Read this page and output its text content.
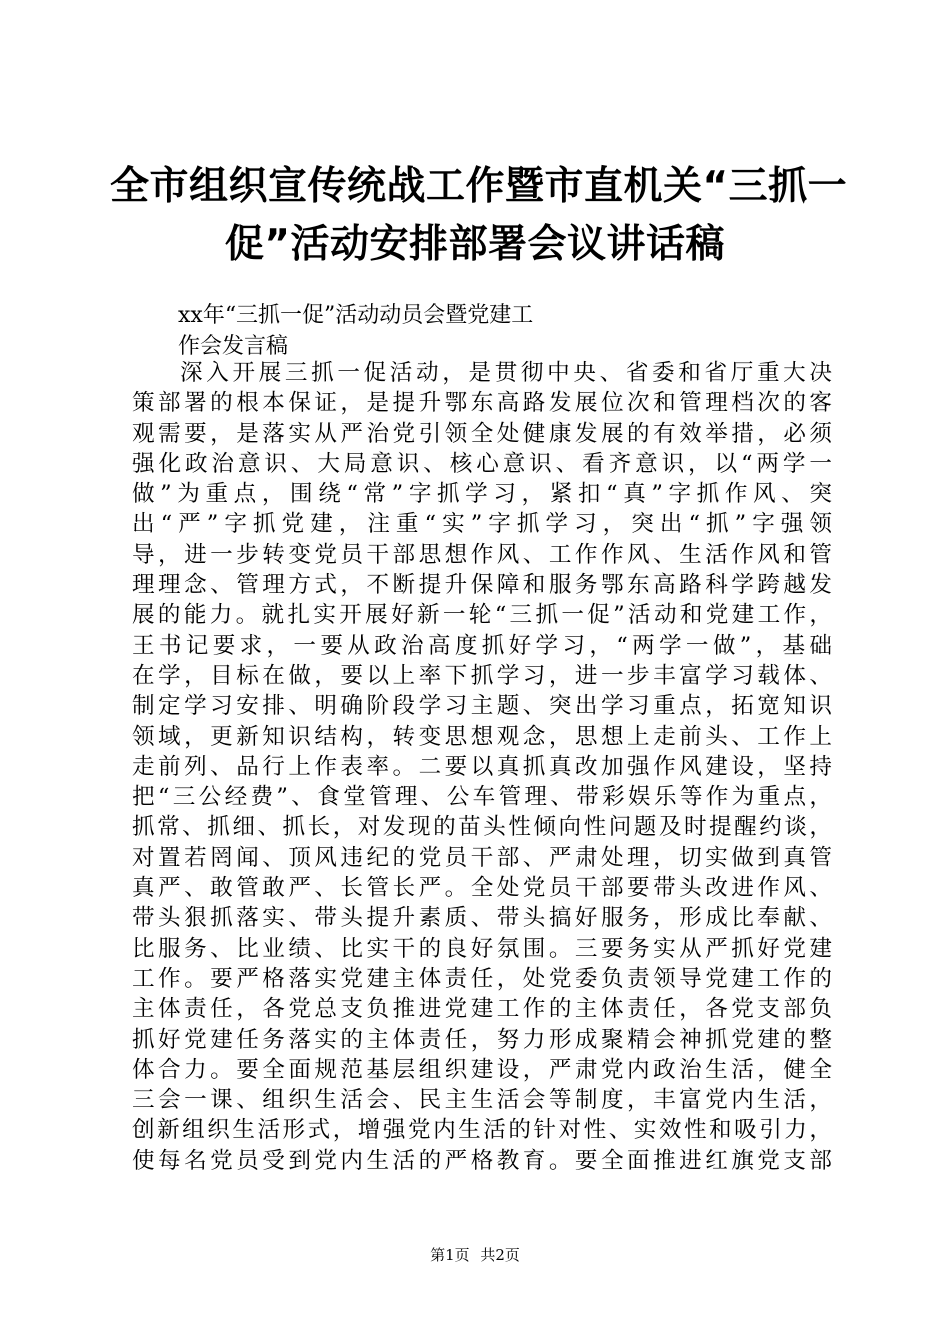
全市组织宣传统战工作暨市直机关“三抓一
促”活动安排部署会议讲话稿
xx年“三抓一促”活动动员会暨党建工
作会发言稿
深入开展三抓一促活动，是贯彻中央、省委和省厅重大决
策部署的根本保证，是提升鄂东高路发展位次和管理档次的客
观需要，是落实从严治党引领全处健康发展的有效举措，必须
强化政治意识、大局意识、核心意识、看齐意识，以“两学一
做”为重点，围绕“常”字抓学习，紧扣“真”字抓作风、突
出“严”字抓党建，注重“实”字抓学习，突出“抓”字强领
导，进一步转变党员干部思想作风、工作作风、生活作风和管
理理念、管理方式，不断提升保障和服务鄂东高路科学跨越发
展的能力。就扎实开展好新一轮“三抓一促”活动和党建工作，
王书记要求，一要从政治高度抓好学习，“两学一做”，基础
在学，目标在做，要以上率下抓学习，进一步丰富学习载体、
制定学习安排、明确阶段学习主题、突出学习重点，拓宽知识
领域，更新知识结构，转变思想观念，思想上走前头、工作上
走前列、品行上作表率。二要以真抓真改加强作风建设，坚持
把“三公经费”、食堂管理、公车管理、带彩娱乐等作为重点，
抓常、抓细、抓长，对发现的苗头性倾向性问题及时提醒约谈，
对置若罔闻、顶风违纪的党员干部、严肃处理，切实做到真管
真严、敢管敢严、长管长严。全处党员干部要带头改进作风、
带头狠抓落实、带头提升素质、带头搞好服务，形成比奉献、
比服务、比业绩、比实干的良好氛围。三要务实从严抓好党建
工作。要严格落实党建主体责任，处党委负责领导党建工作的
主体责任，各党总支负推进党建工作的主体责任，各党支部负
抓好党建任务落实的主体责任，努力形成聚精会神抓党建的整
体合力。要全面规范基层组织建设，严肃党内政治生活，健全
三会一课、组织生活会、民主生活会等制度，丰富党内生活，
创新组织生活形式，增强党内生活的针对性、实效性和吸引力，
使每名党员受到党内生活的严格教育。要全面推进红旗党支部
第1页 共2页
